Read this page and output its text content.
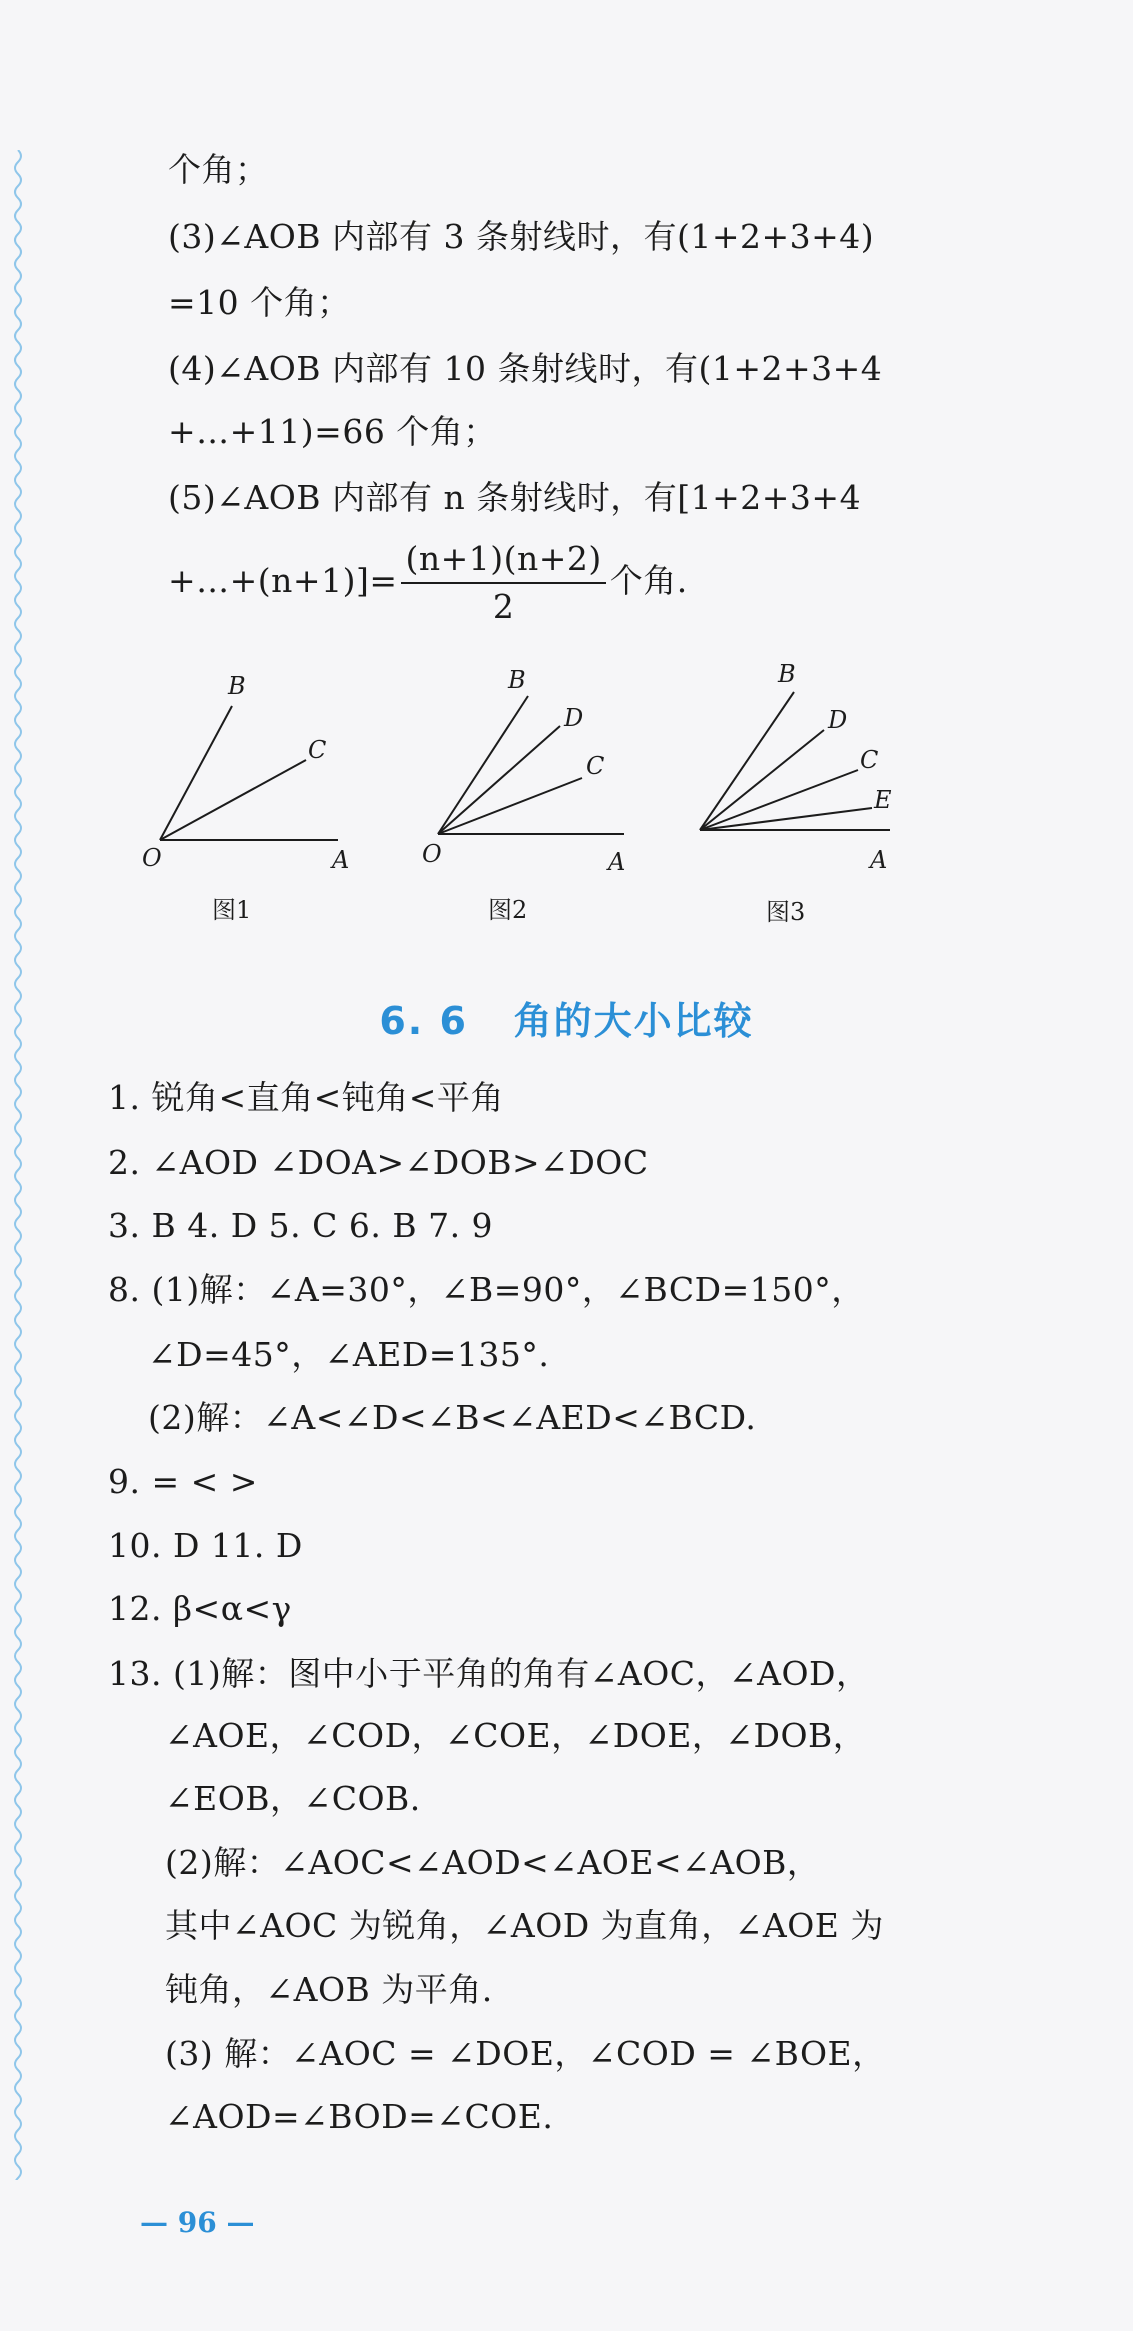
个角；
(3)∠AOB 内部有 3 条射线时，有(1+2+3+4)
=10 个角；
(4)∠AOB 内部有 10 条射线时，有(1+2+3+4
+…+11)=66 个角；
(5)∠AOB 内部有 n 条射线时，有[1+2+3+4
+…+(n+1)]= $\frac{(n+1)(n+2)}{2}$ 个角.
B
C
O	A
图1
B
D
C
O	A
图2
B
D
C
E
A
图3
6. 6 角的大小比较
1. 锐角<直角<钝角<平角
2. ∠AOD ∠DOA>∠DOB>∠DOC
3. B 4. D 5. C 6. B 7. 9
8. (1)解：∠A=30°，∠B=90°，∠BCD=150°，
∠D=45°，∠AED=135°.
(2)解：∠A<∠D<∠B<∠AED<∠BCD.
9. = < >
10. D 11. D
12. β<α<γ
13. (1)解：图中小于平角的角有∠AOC，∠AOD，
∠AOE，∠COD，∠COE，∠DOE，∠DOB，
∠EOB，∠COB.
(2)解：∠AOC<∠AOD<∠AOE<∠AOB，
其中∠AOC 为锐角，∠AOD 为直角，∠AOE 为
钝角，∠AOB 为平角.
(3) 解：∠AOC = ∠DOE，∠COD = ∠BOE，
∠AOD=∠BOD=∠COE.
— 96 —
